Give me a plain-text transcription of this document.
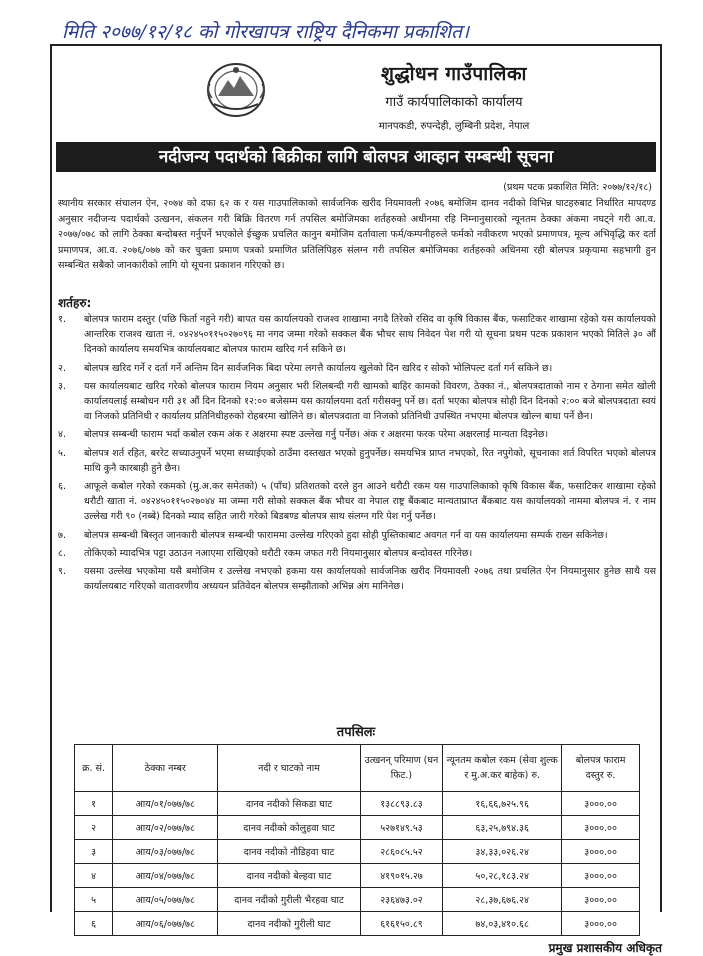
मिति २०७७/१२/१८ को गोरखापत्र राष्ट्रिय दैनिकमा प्रकाशित।
शुद्धोधन गाउँपालिका
गाउँ कार्यपालिकाको कार्यालय
मानपकडी, रुपन्देही, लुम्बिनी प्रदेश, नेपाल
नदीजन्य पदार्थको बिक्रीका लागि बोलपत्र आव्हान सम्बन्धी सूचना
(प्रथम पटक प्रकाशित मिति: २०७७/१२/१८)
स्थानीय सरकार संचालन ऐन, २०७४ को दफा ६२ क र यस गाउपालिकाको सार्वजनिक खरीद नियमावली २०७६ बमोजिम दानव नदीको विभिन्न घाटहरुबाट निर्धारित मापदण्ड अनुसार नदीजन्य पदार्थको उत्खनन, संकलन गरी बिक्रि वितरण गर्न तपसिल बमोजिमका शर्तहरुको अधीनमा रहि निम्नानुसारको न्यूनतम ठेक्का अंकमा नघट्ने गरी आ.व. २०७७/०७८ को लागि ठेक्का बन्दोबस्त गर्नुपर्ने भएकोले ईच्छुक प्रचलित कानुन बमोजिम दर्तावाला फर्म/कम्पनीहरुले फर्मको नवीकरण भएको प्रमाणपत्र, मूल्य अभिवृद्धि कर दर्ता प्रमाणपत्र, आ.व. २०७६/०७७ को कर चुक्ता प्रमाण पत्रको प्रमाणित प्रतिलिपिहरु संलग्न गरी तपसिल बमोजिमका शर्तहरुको अधिनमा रही बोलपत्र प्रकृयामा सहभागी हुन सम्बन्धित सबैको जानकारीको लागि यो सूचना प्रकाशन गरिएको छ।
शर्तहरु:
१.	बोलपत्र फाराम दस्तुर (पछि फिर्ता नहुने गरी) बापत यस कार्यालयको राजश्व शाखामा नगदै तिरेको रसिद वा कृषि विकास बैंक, फसाटिकर शाखामा रहेको यस कार्यालयको आन्तरिक राजश्व खाता नं. ०४२४५०११५०२७०९६ मा नगद जम्मा गरेको सक्कल बैंक भौचर साथ निवेदन पेश गरी यो सूचना प्रथम पटक प्रकाशन भएको मितिले ३० औं दिनको कार्यालय समयभित्र कार्यालयबाट बोलपत्र फाराम खरिद गर्न सकिने छ।
२.	बोलपत्र खरिद गर्ने र दर्ता गर्ने अन्तिम दिन सार्वजनिक बिदा परेमा लगत्तै कार्यालय खुलेको दिन खरिद र सोको भोलिपल्ट दर्ता गर्न सकिने छ।
३.	यस कार्यालयबाट खरिद गरेको बोलपत्र फाराम नियम अनुसार भरी शिलबन्दी गरी खामको बाहिर कामको विवरण, ठेक्का नं., बोलपत्रदाताको नाम र ठेगाना समेत खोली कार्यालयलाई सम्बोधन गरी ३१ औं दिन दिनको १२:०० बजेसम्म यस कार्यालयमा दर्ता गरीसक्नु पर्ने छ। दर्ता भएका बोलपत्र सोही दिन दिनको २:०० बजे बोलपत्रदाता स्वयं वा निजको प्रतिनिधी र कार्यालय प्रतिनिधीहरुको रोहबरमा खोलिने छ। बोलपत्रदाता वा निजको प्रतिनिधी उपस्थित नभएमा बोलपत्र खोल्न बाधा पर्ने छैन।
४.	बोलपत्र सम्बन्धी फाराम भर्दा कबोल रकम अंक र अक्षरमा स्पष्ट उल्लेख गर्नु पर्नेछ। अंक र अक्षरमा फरक परेमा अक्षरलाई मान्यता दिइनेछ।
५.	बोलपत्र शर्त रहित, बररेट सच्याउनुपर्ने भएमा सच्याईएको ठाउँमा दस्तखत भएको हुनुपर्नेछ। समयभित्र प्राप्त नभएको, रित नपुगेको, सूचनाका शर्त विपरित भएको बोलपत्र माथि कुनै कारबाही हुने छैन।
६.	आफूले कबोल गरेको रकमको (मु.अ.कर समेतको) ५ (पाँच) प्रतिशतको दरले हुन आउने धरौटी रकम यस गाउपालिकाको कृषि विकास बैंक, फसाटिकर शाखामा रहेको धरौटी खाता नं. ०४२४५०११५०२७०४४ मा जम्मा गरी सोको सक्कल बैंक भौचर वा नेपाल राष्ट्र बैंकबाट मान्यताप्राप्त बैंकबाट यस कार्यालयको नाममा बोलपत्र नं. र नाम उल्लेख गरी ९० (नब्बे) दिनको म्याद सहित जारी गरेको बिडबण्ड बोलपत्र साथ संलग्न गरि पेश गर्नु पर्नेछ।
७.	बोलपत्र सम्बन्धी बिस्तृत जानकारी बोलपत्र सम्बन्धी फाराममा उल्लेख गरिएको हुदा सोही पुस्तिकाबाट अवगत गर्न वा यस कार्यालयमा सम्पर्क राख्न सकिनेछ।
८.	तोकिएको म्यादभित्र पट्टा उठाउन नआएमा राखिएको धरौटी रकम जफत गरी नियमानुसार बोलपत्र बन्दोवस्त गरिनेछ।
९.	यसमा उल्लेख भएकोमा यसै बमोजिम र उल्लेख नभएको हकमा यस कार्यालयको सार्वजनिक खरीद नियमावली २०७६ तथा प्रचलित ऐन नियमानुसार हुनेछ साथै यस कार्यालयबाट गरिएको वातावरणीय अध्ययन प्रतिवेदन बोलपत्र सम्झौताको अभिन्न अंग मानिनेछ।
तपसिलः
क्र. सं.	ठेक्का नम्बर	नदी र घाटको नाम	उत्खनन् परिमाण (घन फिट.)	न्यूनतम कबोल रकम (सेवा शुल्क र मु.अ.कर बाहेक) रु.	बोलपत्र फाराम दस्तुर रु.
१	आय/०१/०७७/७८	दानव नदीको सिकडा घाट	१३८८९३.८३	१६,६६,७२५.९६	३०००.००
२	आय/०२/०७७/७८	दानव नदीको कोलुहवा घाट	५२७१४९.५३	६३,२५,७९४.३६	३०००.००
३	आय/०३/०७७/७८	दानव नदीको नौडिहवा घाट	२८६०८५.५२	३४,३३,०२६.२४	३०००.००
४	आय/०४/०७७/७८	दानव नदीको बेल्हवा घाट	४१९०१५.२७	५०,२८,१८३.२४	३०००.००
५	आय/०५/०७७/७८	दानव नदीको गुरीली भैरहवा घाट	२३६४७३.०२	२८,३७,६७६.२४	३०००.००
६	आय/०६/०७७/७८	दानव नदीको गुरीली घाट	६१६१५०.८९	७४,०३,४१०.६८	३०००.००
प्रमुख प्रशासकीय अधिकृत
